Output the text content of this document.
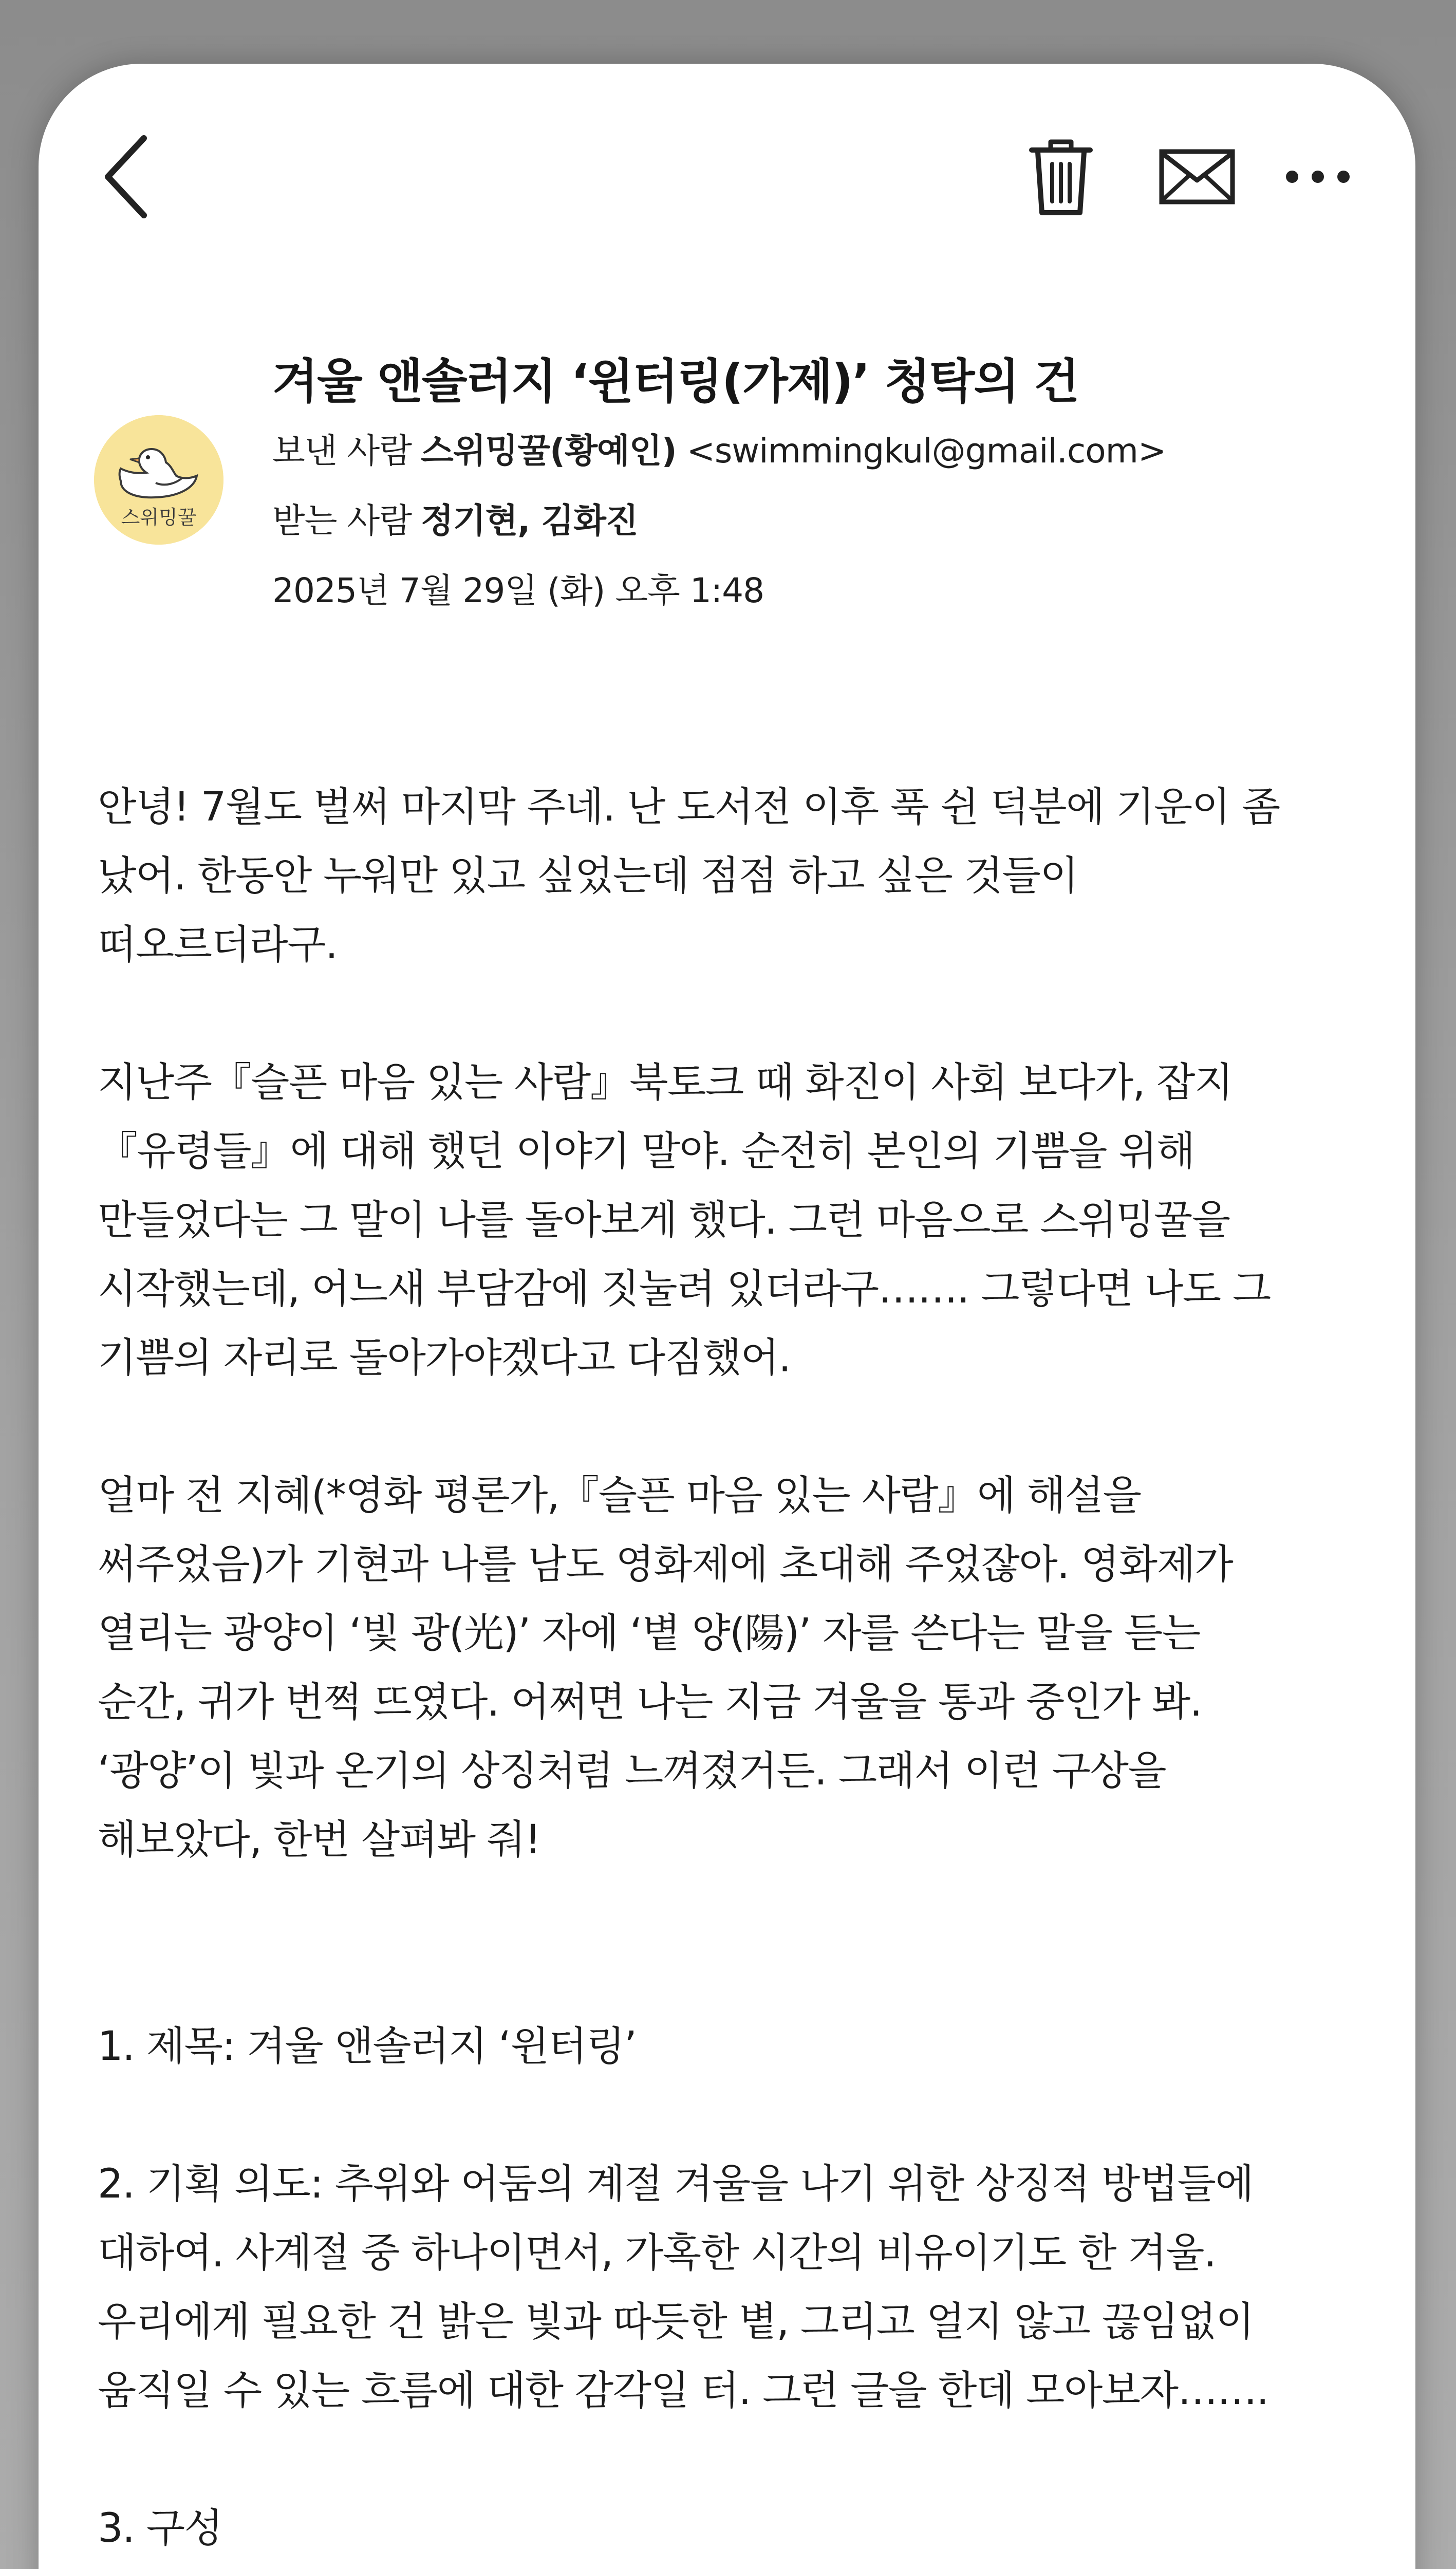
겨울 앤솔러지 ‘윈터링(가제)’ 청탁의 건
스위밍꿀
보낸 사람 스위밍꿀(황예인) <swimmingkul@gmail.com>
받는 사람 정기현, 김화진
2025년 7월 29일 (화) 오후 1:48

안녕! 7월도 벌써 마지막 주네. 난 도서전 이후 푹 쉰 덕분에 기운이 좀

났어. 한동안 누워만 있고 싶었는데 점점 하고 싶은 것들이

떠오르더라구.

지난주『슬픈 마음 있는 사람』북토크 때 화진이 사회 보다가, 잡지

『유령들』에 대해 했던 이야기 말야. 순전히 본인의 기쁨을 위해

만들었다는 그 말이 나를 돌아보게 했다. 그런 마음으로 스위밍꿀을

시작했는데, 어느새 부담감에 짓눌려 있더라구……. 그렇다면 나도 그

기쁨의 자리로 돌아가야겠다고 다짐했어.

얼마 전 지혜(*영화 평론가,『슬픈 마음 있는 사람』에 해설을

써주었음)가 기현과 나를 남도 영화제에 초대해 주었잖아. 영화제가

열리는 광양이 ‘빛 광(光)’ 자에 ‘볕 양(陽)’ 자를 쓴다는 말을 듣는

순간, 귀가 번쩍 뜨였다. 어쩌면 나는 지금 겨울을 통과 중인가 봐.

‘광양’이 빛과 온기의 상징처럼 느껴졌거든. 그래서 이런 구상을

해보았다, 한번 살펴봐 줘!

1. 제목: 겨울 앤솔러지 ‘윈터링’

2. 기획 의도: 추위와 어둠의 계절 겨울을 나기 위한 상징적 방법들에

대하여. 사계절 중 하나이면서, 가혹한 시간의 비유이기도 한 겨울.

우리에게 필요한 건 밝은 빛과 따듯한 볕, 그리고 얼지 않고 끊임없이

움직일 수 있는 흐름에 대한 감각일 터. 그런 글을 한데 모아보자…….

3. 구성
